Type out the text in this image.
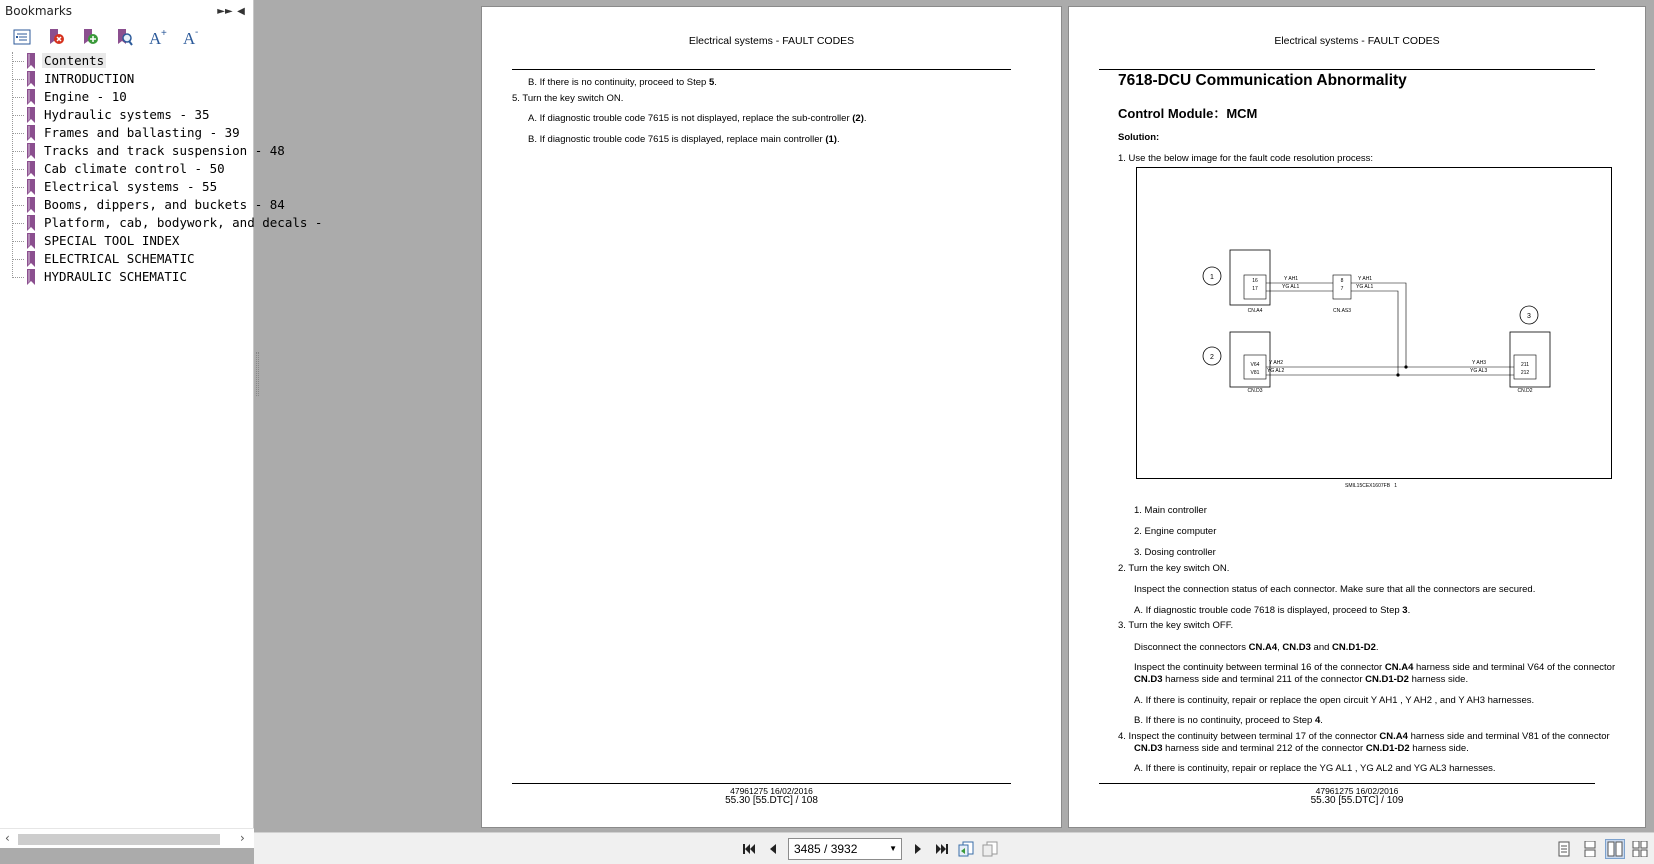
Bookmarks	►► ◀
A + A -
Contents
INTRODUCTION
Engine - 10
Hydraulic systems - 35
Frames and ballasting - 39
Tracks and track suspension - 48
Cab climate control - 50
Electrical systems - 55
Booms, dippers, and buckets - 84
Platform, cab, bodywork, and decals -
SPECIAL TOOL INDEX
ELECTRICAL SCHEMATIC
HYDRAULIC SCHEMATIC
‹	›
Electrical systems - FAULT CODES
B. If there is no continuity, proceed to Step 5.
5. Turn the key switch ON.
A. If diagnostic trouble code 7615 is not displayed, replace the sub-controller (2).
B. If diagnostic trouble code 7615 is displayed, replace main controller (1).
47961275 16/02/2016
55.30 [55.DTC] / 108
Electrical systems - FAULT CODES
7618-DCU Communication Abnormality
Control Module：MCM
Solution:
1. Use the below image for the fault code resolution process:
1
2
3
16
17
8
7
V64
V81
211
212
Y AH1
YG AL1
Y AH1
YG AL1
Y AH2
YG AL2
Y AH3
YG AL3
CN.A4	CN.AS3
CN.D3	CN.D2
SMIL15CEX1607FB 1
1. Main controller
2. Engine computer
3. Dosing controller
2. Turn the key switch ON.
Inspect the connection status of each connector. Make sure that all the connectors are secured.
A. If diagnostic trouble code 7618 is displayed, proceed to Step 3.
3. Turn the key switch OFF.
Disconnect the connectors CN.A4, CN.D3 and CN.D1-D2.
Inspect the continuity between terminal 16 of the connector CN.A4 harness side and terminal V64 of the connector
CN.D3 harness side and terminal 211 of the connector CN.D1-D2 harness side.
A. If there is continuity, repair or replace the open circuit Y AH1 , Y AH2 , and Y AH3 harnesses.
B. If there is no continuity, proceed to Step 4.
4. Inspect the continuity between terminal 17 of the connector CN.A4 harness side and terminal V81 of the connector
CN.D3 harness side and terminal 212 of the connector CN.D1-D2 harness side.
A. If there is continuity, repair or replace the YG AL1 , YG AL2 and YG AL3 harnesses.
47961275 16/02/2016
55.30 [55.DTC] / 109
3485 / 3932	▼
